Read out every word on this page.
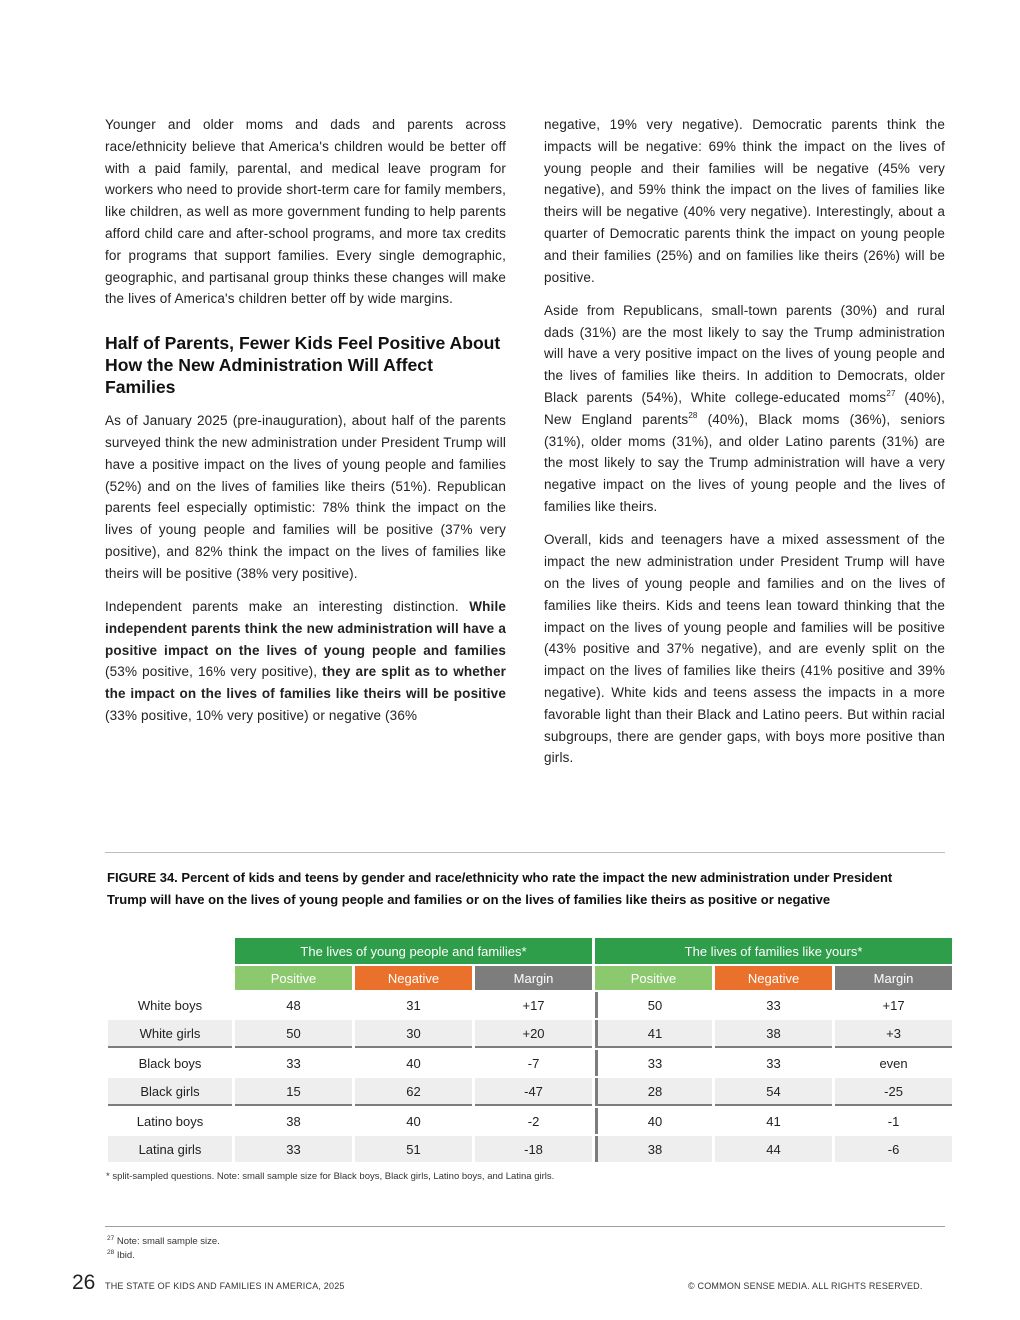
Younger and older moms and dads and parents across race/ethnicity believe that America's children would be better off with a paid family, parental, and medical leave program for workers who need to provide short-term care for family members, like children, as well as more government funding to help parents afford child care and after-school programs, and more tax credits for programs that support families. Every single demographic, geographic, and partisanal group thinks these changes will make the lives of America's children better off by wide margins.

Half of Parents, Fewer Kids Feel Positive About How the New Administration Will Affect Families

As of January 2025 (pre-inauguration), about half of the parents surveyed think the new administration under President Trump will have a positive impact on the lives of young people and families (52%) and on the lives of families like theirs (51%). Republican parents feel especially optimistic: 78% think the impact on the lives of young people and families will be positive (37% very positive), and 82% think the impact on the lives of families like theirs will be positive (38% very positive).

Independent parents make an interesting distinction. While independent parents think the new administration will have a positive impact on the lives of young people and families (53% positive, 16% very positive), they are split as to whether the impact on the lives of families like theirs will be positive (33% positive, 10% very positive) or negative (36%

negative, 19% very negative). Democratic parents think the impacts will be negative: 69% think the impact on the lives of young people and their families will be negative (45% very negative), and 59% think the impact on the lives of families like theirs will be negative (40% very negative). Interestingly, about a quarter of Democratic parents think the impact on young people and their families (25%) and on families like theirs (26%) will be positive.

Aside from Republicans, small-town parents (30%) and rural dads (31%) are the most likely to say the Trump administration will have a very positive impact on the lives of young people and the lives of families like theirs. In addition to Democrats, older Black parents (54%), White college-educated moms$^{27}$ (40%), New England parents$^{28}$ (40%), Black moms (36%), seniors (31%), older moms (31%), and older Latino parents (31%) are the most likely to say the Trump administration will have a very negative impact on the lives of young people and the lives of families like theirs.

Overall, kids and teenagers have a mixed assessment of the impact the new administration under President Trump will have on the lives of young people and families and on the lives of families like theirs. Kids and teens lean toward thinking that the impact on the lives of young people and families will be positive (43% positive and 37% negative), and are evenly split on the impact on the lives of families like theirs (41% positive and 39% negative). White kids and teens assess the impacts in a more favorable light than their Black and Latino peers. But within racial subgroups, there are gender gaps, with boys more positive than girls.

FIGURE 34. Percent of kids and teens by gender and race/ethnicity who rate the impact the new administration under President Trump will have on the lives of young people and families or on the lives of families like theirs as positive or negative
	The lives of young people and families*			The lives of families like yours*		
	Positive	Negative	Margin	Positive	Negative	Margin
White boys	48	31	+17	50	33	+17
White girls	50	30	+20	41	38	+3
Black boys	33	40	-7	33	33	even
Black girls	15	62	-47	28	54	-25
Latino boys	38	40	-2	40	41	-1
Latina girls	33	51	-18	38	44	-6
* split-sampled questions. Note: small sample size for Black boys, Black girls, Latino boys, and Latina girls.
$^{27}$ Note: small sample size.
$^{28}$ Ibid.
26 THE STATE OF KIDS AND FAMILIES IN AMERICA, 2025	© COMMON SENSE MEDIA. ALL RIGHTS RESERVED.
